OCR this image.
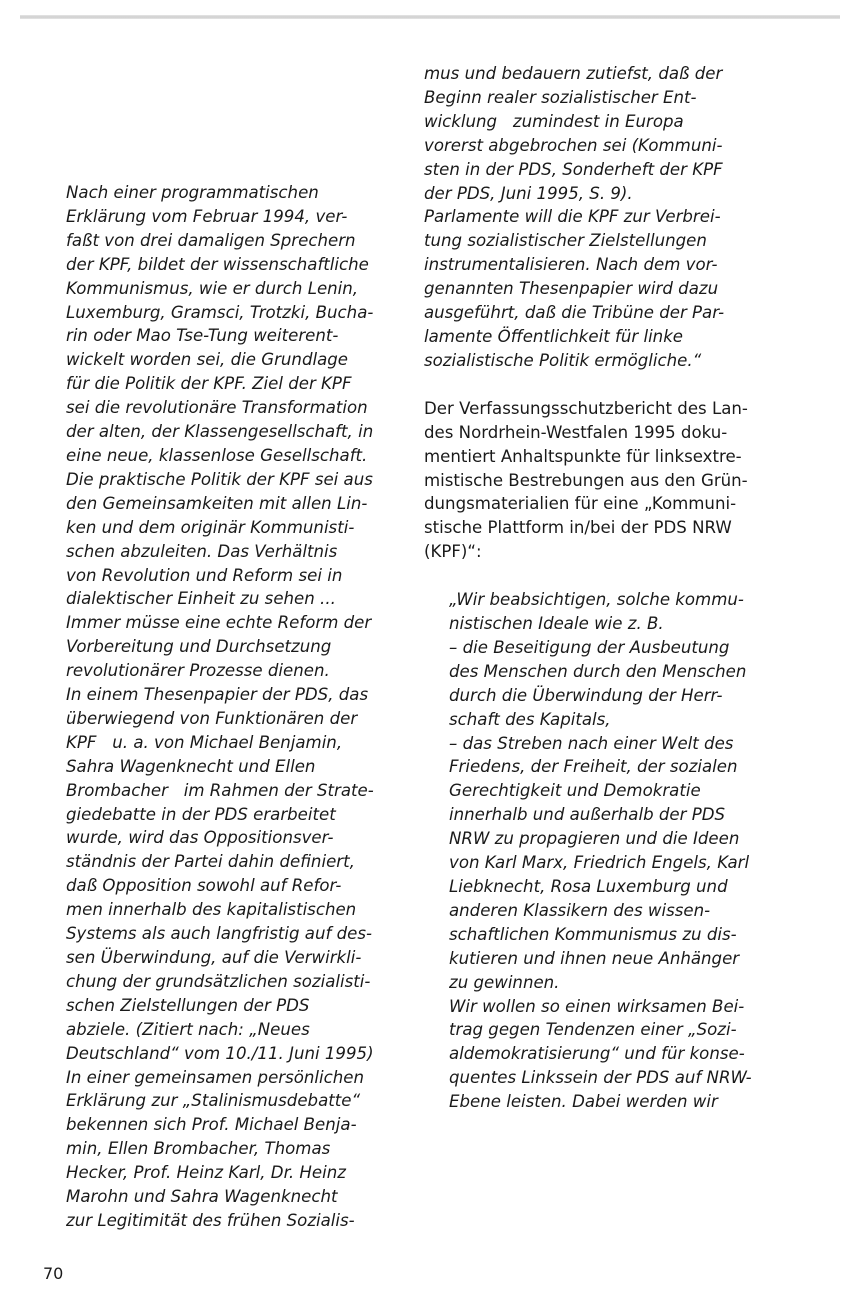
Nach einer programmatischen

Erklärung vom Februar 1994, ver-

faßt von drei damaligen Sprechern

der KPF, bildet der wissenschaftliche

Kommunismus, wie er durch Lenin,

Luxemburg, Gramsci, Trotzki, Bucha-

rin oder Mao Tse-Tung weiterent-

wickelt worden sei, die Grundlage

für die Politik der KPF. Ziel der KPF

sei die revolutionäre Transformation

der alten, der Klassengesellschaft, in

eine neue, klassenlose Gesellschaft.

Die praktische Politik der KPF sei aus

den Gemeinsamkeiten mit allen Lin-

ken und dem originär Kommunisti-

schen abzuleiten. Das Verhältnis

von Revolution und Reform sei in

dialektischer Einheit zu sehen ...

Immer müsse eine echte Reform der

Vorbereitung und Durchsetzung

revolutionärer Prozesse dienen.

In einem Thesenpapier der PDS, das

überwiegend von Funktionären der

KPF   u. a. von Michael Benjamin,

Sahra Wagenknecht und Ellen

Brombacher   im Rahmen der Strate-

giedebatte in der PDS erarbeitet

wurde, wird das Oppositionsver-

ständnis der Partei dahin definiert,

daß Opposition sowohl auf Refor-

men innerhalb des kapitalistischen

Systems als auch langfristig auf des-

sen Überwindung, auf die Verwirkli-

chung der grundsätzlichen sozialisti-

schen Zielstellungen der PDS

abziele. (Zitiert nach: „Neues

Deutschland“ vom 10./11. Juni 1995)

In einer gemeinsamen persönlichen

Erklärung zur „Stalinismusdebatte“

bekennen sich Prof. Michael Benja-

min, Ellen Brombacher, Thomas

Hecker, Prof. Heinz Karl, Dr. Heinz

Marohn und Sahra Wagenknecht

zur Legitimität des frühen Sozialis-

mus und bedauern zutiefst, daß der

Beginn realer sozialistischer Ent-

wicklung   zumindest in Europa

vorerst abgebrochen sei (Kommuni-

sten in der PDS, Sonderheft der KPF

der PDS, Juni 1995, S. 9).

Parlamente will die KPF zur Verbrei-

tung sozialistischer Zielstellungen

instrumentalisieren. Nach dem vor-

genannten Thesenpapier wird dazu

ausgeführt, daß die Tribüne der Par-

lamente Öffentlichkeit für linke

sozialistische Politik ermögliche.“

Der Verfassungsschutzbericht des Lan-

des Nordrhein-Westfalen 1995 doku-

mentiert Anhaltspunkte für linksextre-

mistische Bestrebungen aus den Grün-

dungsmaterialien für eine „Kommuni-

stische Plattform in/bei der PDS NRW

(KPF)“:

„Wir beabsichtigen, solche kommu-

nistischen Ideale wie z. B.

– die Beseitigung der Ausbeutung

des Menschen durch den Menschen

durch die Überwindung der Herr-

schaft des Kapitals,

– das Streben nach einer Welt des

Friedens, der Freiheit, der sozialen

Gerechtigkeit und Demokratie

innerhalb und außerhalb der PDS

NRW zu propagieren und die Ideen

von Karl Marx, Friedrich Engels, Karl

Liebknecht, Rosa Luxemburg und

anderen Klassikern des wissen-

schaftlichen Kommunismus zu dis-

kutieren und ihnen neue Anhänger

zu gewinnen.

Wir wollen so einen wirksamen Bei-

trag gegen Tendenzen einer „Sozi-

aldemokratisierung“ und für konse-

quentes Linkssein der PDS auf NRW-

Ebene leisten. Dabei werden wir

70
